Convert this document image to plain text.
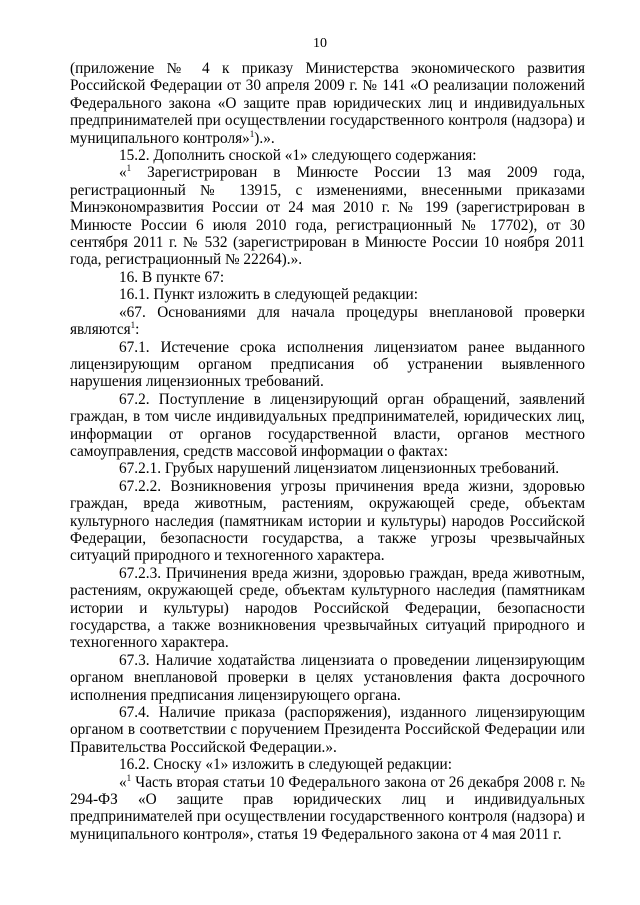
10

(приложение № 4 к приказу Министерства экономического развития Российской Федерации от 30 апреля 2009 г. № 141 «О реализации положений Федерального закона «О защите прав юридических лиц и индивидуальных предпринимателей при осуществлении государственного контроля (надзора) и муниципального контроля»$^1$).».

15.2. Дополнить сноской «1» следующего содержания:

«$^1$ Зарегистрирован в Минюсте России 13 мая 2009 года, регистрационный № 13915, с изменениями, внесенными приказами Минэкономразвития России от 24 мая 2010 г. № 199 (зарегистрирован в Минюсте России 6 июля 2010 года, регистрационный № 17702), от 30 сентября 2011 г. № 532 (зарегистрирован в Минюсте России 10 ноября 2011 года, регистрационный № 22264).».

16. В пункте 67:

16.1. Пункт изложить в следующей редакции:

«67. Основаниями для начала процедуры внеплановой проверки являются$^1$:

67.1. Истечение срока исполнения лицензиатом ранее выданного лицензирующим органом предписания об устранении выявленного нарушения лицензионных требований.

67.2. Поступление в лицензирующий орган обращений, заявлений граждан, в том числе индивидуальных предпринимателей, юридических лиц, информации от органов государственной власти, органов местного самоуправления, средств массовой информации о фактах:

67.2.1. Грубых нарушений лицензиатом лицензионных требований.

67.2.2. Возникновения угрозы причинения вреда жизни, здоровью граждан, вреда животным, растениям, окружающей среде, объектам культурного наследия (памятникам истории и культуры) народов Российской Федерации, безопасности государства, а также угрозы чрезвычайных ситуаций природного и техногенного характера.

67.2.3. Причинения вреда жизни, здоровью граждан, вреда животным, растениям, окружающей среде, объектам культурного наследия (памятникам истории и культуры) народов Российской Федерации, безопасности государства, а также возникновения чрезвычайных ситуаций природного и техногенного характера.

67.3. Наличие ходатайства лицензиата о проведении лицензирующим органом внеплановой проверки в целях установления факта досрочного исполнения предписания лицензирующего органа.

67.4. Наличие приказа (распоряжения), изданного лицензирующим органом в соответствии с поручением Президента Российской Федерации или Правительства Российской Федерации.».

16.2. Сноску «1» изложить в следующей редакции:

«$^1$ Часть вторая статьи 10 Федерального закона от 26 декабря 2008 г. № 294-ФЗ «О защите прав юридических лиц и индивидуальных предпринимателей при осуществлении государственного контроля (надзора) и муниципального контроля», статья 19 Федерального закона от 4 мая 2011 г.
